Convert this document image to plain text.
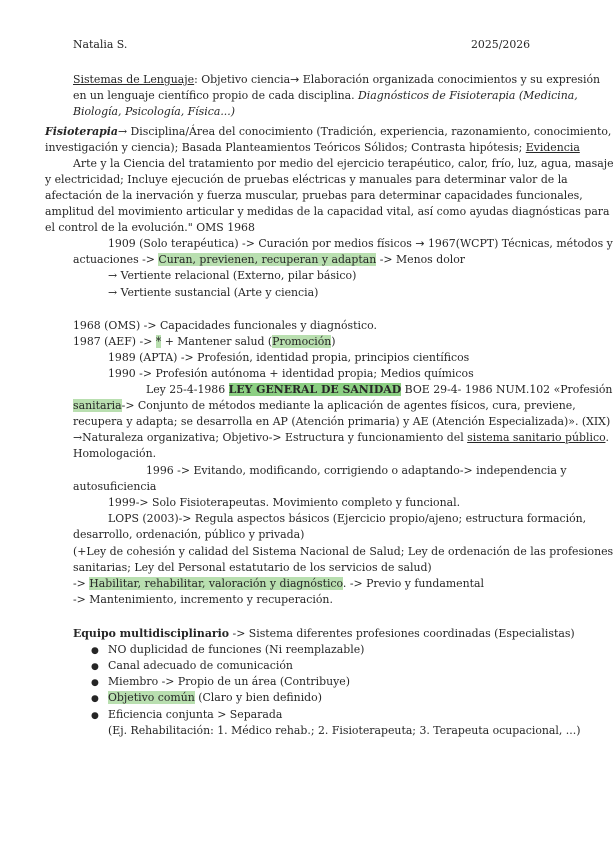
Natalia S.	2025/2026
Sistemas de Lenguaje: Objetivo ciencia→ Elaboración organizada conocimientos y su expresión
en un lenguaje científico propio de cada disciplina. Diagnósticos de Fisioterapia (Medicina,
Biología, Psicología, Física...)
Fisioterapia→ Disciplina/Área del conocimiento (Tradición, experiencia, razonamiento, conocimiento,
investigación y ciencia); Basada Planteamientos Teóricos Sólidos; Contrasta hipótesis; Evidencia
Arte y la Ciencia del tratamiento por medio del ejercicio terapéutico, calor, frío, luz, agua, masaje
y electricidad; Incluye ejecución de pruebas eléctricas y manuales para determinar valor de la
afectación de la inervación y fuerza muscular, pruebas para determinar capacidades funcionales,
amplitud del movimiento articular y medidas de la capacidad vital, así como ayudas diagnósticas para
el control de la evolución." OMS 1968
1909 (Solo terapéutica) -> Curación por medios físicos → 1967(WCPT) Técnicas, métodos y
actuaciones -> Curan, previenen, recuperan y adaptan -> Menos dolor
→ Vertiente relacional (Externo, pilar básico)
→ Vertiente sustancial (Arte y ciencia)
1968 (OMS) -> Capacidades funcionales y diagnóstico.
1987 (AEF) -> * + Mantener salud (Promoción)
1989 (APTA) -> Profesión, identidad propia, principios científicos
1990 -> Profesión autónoma + identidad propia; Medios químicos
Ley 25-4-1986 LEY GENERAL DE SANIDAD BOE 29-4- 1986 NUM.102 «Profesión
sanitaria-> Conjunto de métodos mediante la aplicación de agentes físicos, cura, previene,
recupera y adapta; se desarrolla en AP (Atención primaria) y AE (Atención Especializada)». (XIX)
→Naturaleza organizativa; Objetivo-> Estructura y funcionamiento del sistema sanitario público.
Homologación.
1996 -> Evitando, modificando, corrigiendo o adaptando-> independencia y
autosuficiencia
1999-> Solo Fisioterapeutas. Movimiento completo y funcional.
LOPS (2003)-> Regula aspectos básicos (Ejercicio propio/ajeno; estructura formación,
desarrollo, ordenación, público y privada)
(+Ley de cohesión y calidad del Sistema Nacional de Salud; Ley de ordenación de las profesiones
sanitarias; Ley del Personal estatutario de los servicios de salud)
-> Habilitar, rehabilitar, valoración y diagnóstico. -> Previo y fundamental
-> Mantenimiento, incremento y recuperación.
Equipo multidisciplinario -> Sistema diferentes profesiones coordinadas (Especialistas)
● NO duplicidad de funciones (Ni reemplazable)
● Canal adecuado de comunicación
● Miembro -> Propio de un área (Contribuye)
● Objetivo común (Claro y bien definido)
● Eficiencia conjunta > Separada
(Ej. Rehabilitación: 1. Médico rehab.; 2. Fisioterapeuta; 3. Terapeuta ocupacional, ...)
